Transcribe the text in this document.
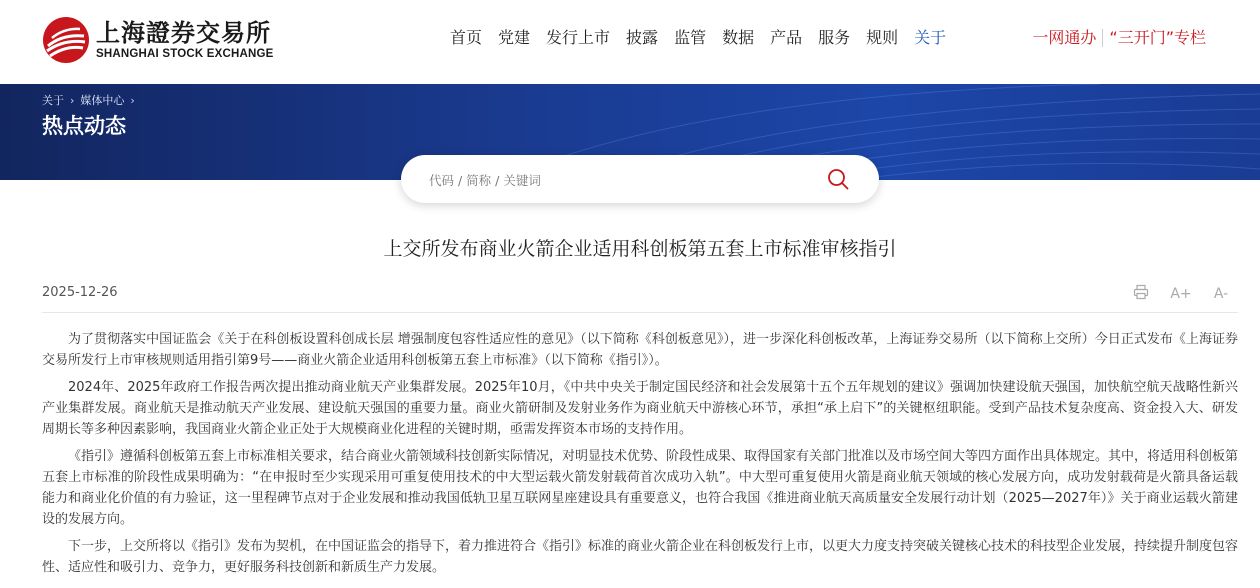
上海證券交易所
SHANGHAI STOCK EXCHANGE
首页 党建 发行上市 披露 监管 数据 产品 服务 规则 关于	一网通办 “三开门”专栏
关于 › 媒体中心 ›
热点动态
代码 / 简称 / 关键词
上交所发布商业火箭企业适用科创板第五套上市标准审核指引
2025-12-26	A+ A-

为了贯彻落实中国证监会《关于在科创板设置科创成长层 增强制度包容性适应性的意见》（以下简称《科创板意见》），进一步深化科创板改革，上海证券交易所（以下简称上交所）今日正式发布《上海证券交易所发行上市审核规则适用指引第9号——商业火箭企业适用科创板第五套上市标准》（以下简称《指引》）。

2024年、2025年政府工作报告两次提出推动商业航天产业集群发展。2025年10月，《中共中央关于制定国民经济和社会发展第十五个五年规划的建议》强调加快建设航天强国，加快航空航天战略性新兴产业集群发展。商业航天是推动航天产业发展、建设航天强国的重要力量。商业火箭研制及发射业务作为商业航天中游核心环节，承担“承上启下”的关键枢纽职能。受到产品技术复杂度高、资金投入大、研发周期长等多种因素影响，我国商业火箭企业正处于大规模商业化进程的关键时期，亟需发挥资本市场的支持作用。

《指引》遵循科创板第五套上市标准相关要求，结合商业火箭领域科技创新实际情况，对明显技术优势、阶段性成果、取得国家有关部门批准以及市场空间大等四方面作出具体规定。其中，将适用科创板第五套上市标准的阶段性成果明确为：“在申报时至少实现采用可重复使用技术的中大型运载火箭发射载荷首次成功入轨”。中大型可重复使用火箭是商业航天领域的核心发展方向，成功发射载荷是火箭具备运载能力和商业化价值的有力验证，这一里程碑节点对于企业发展和推动我国低轨卫星互联网星座建设具有重要意义，也符合我国《推进商业航天高质量安全发展行动计划（2025—2027年）》关于商业运载火箭建设的发展方向。

下一步，上交所将以《指引》发布为契机，在中国证监会的指导下，着力推进符合《指引》标准的商业火箭企业在科创板发行上市，以更大力度支持突破关键核心技术的科技型企业发展，持续提升制度包容性、适应性和吸引力、竞争力，更好服务科技创新和新质生产力发展。
